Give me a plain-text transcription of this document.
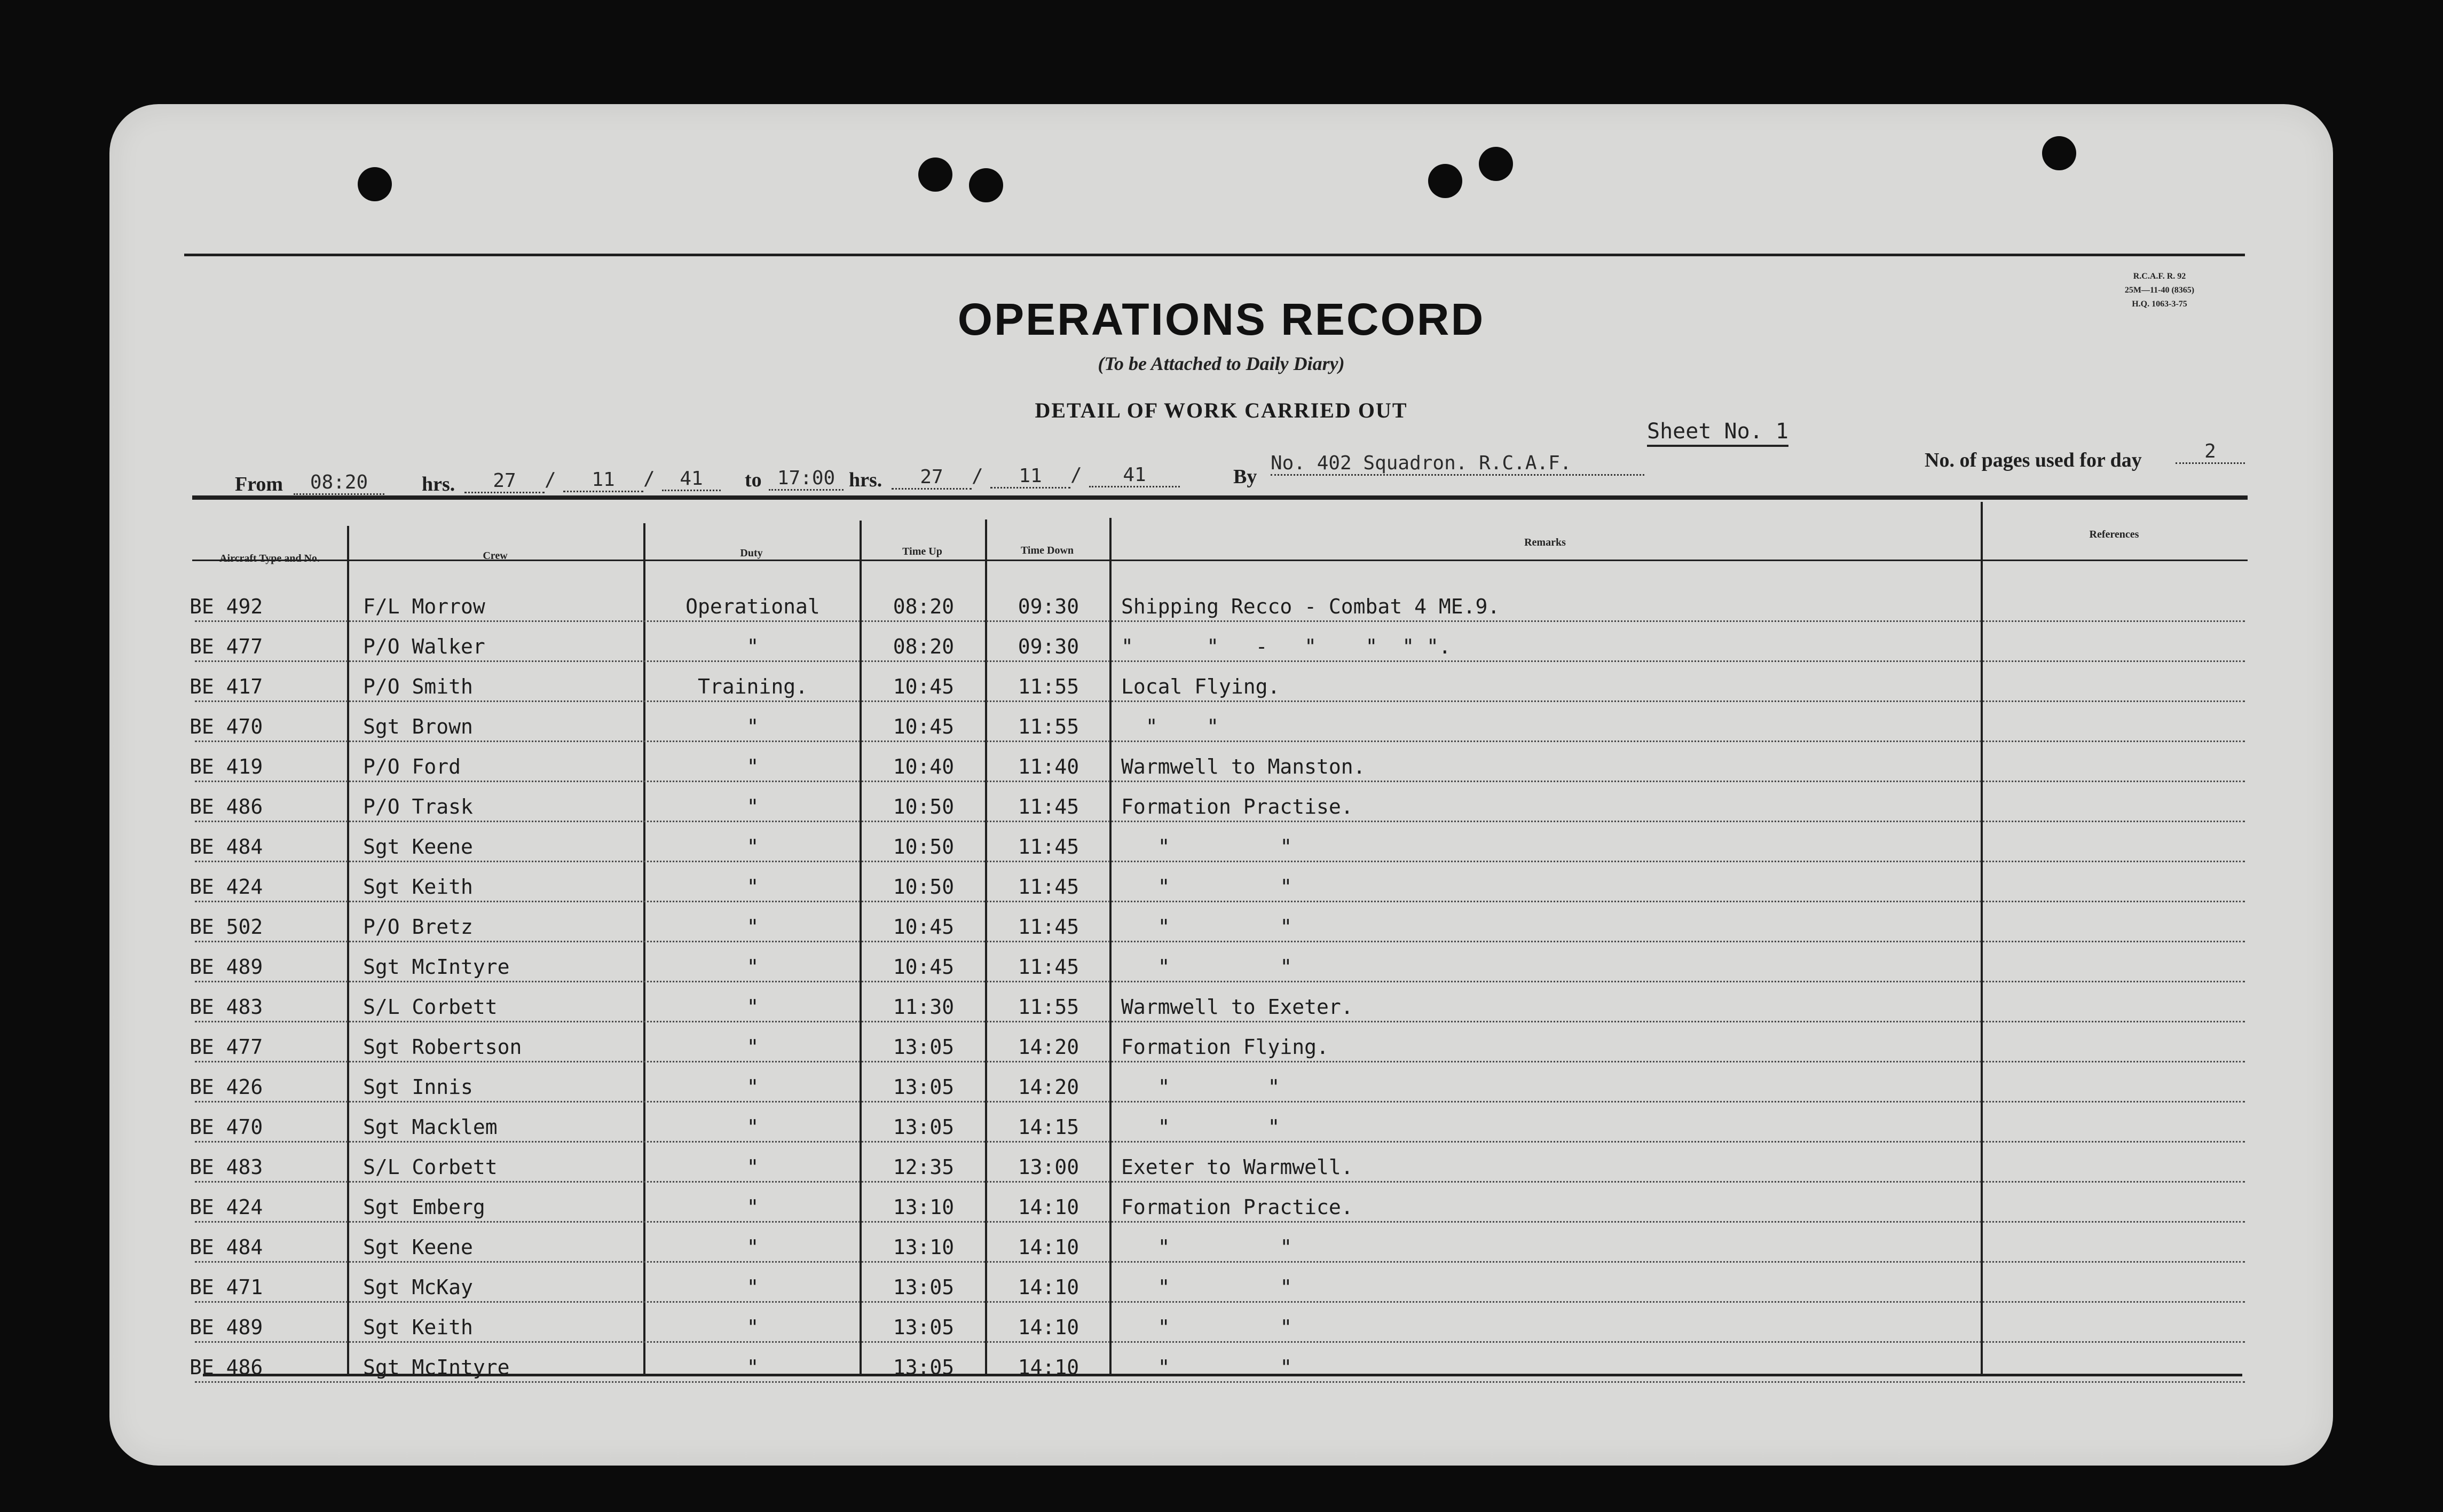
OPERATIONS RECORD
(To be Attached to Daily Diary)
DETAIL OF WORK CARRIED OUT
R.C.A.F. R. 92
25M—11-40 (8365)
H.Q. 1063-3-75
Sheet No. 1
From	08:20	hrs.	27	/	11	/	41	to 17:00 hrs.	27	/	11	/	41	By
No. 402 Squadron. R.C.A.F.	No. of pages used for day	2
Aircraft Type and No.	Crew	Duty	Time Up	Time Down
Remarks
References
BE 492	F/L Morrow	Operational	08:20	09:30	Shipping Recco - Combat 4 ME.9.
BE 477	P/O Walker	"	08:20	09:30	"      "   -   "    "  " ".
BE 417	P/O Smith	Training.	10:45	11:55	Local Flying.
BE 470	Sgt Brown	"	10:45	11:55	"    "
BE 419	P/O Ford	"	10:40	11:40	Warmwell to Manston.
BE 486	P/O Trask	"	10:50	11:45	Formation Practise.
BE 484	Sgt Keene	"	10:50	11:45	"         "
BE 424	Sgt Keith	"	10:50	11:45	"         "
BE 502	P/O Bretz	"	10:45	11:45	"         "
BE 489	Sgt McIntyre	"	10:45	11:45	"         "
BE 483	S/L Corbett	"	11:30	11:55	Warmwell to Exeter.
BE 477	Sgt Robertson	"	13:05	14:20	Formation Flying.
BE 426	Sgt Innis	"	13:05	14:20	"        "
BE 470	Sgt Macklem	"	13:05	14:15	"        "
BE 483	S/L Corbett	"	12:35	13:00	Exeter to Warmwell.
BE 424	Sgt Emberg	"	13:10	14:10	Formation Practice.
BE 484	Sgt Keene	"	13:10	14:10	"         "
BE 471	Sgt McKay	"	13:05	14:10	"         "
BE 489	Sgt Keith	"	13:05	14:10	"         "
BE 486	Sgt McIntyre	"	13:05	14:10	"         "
